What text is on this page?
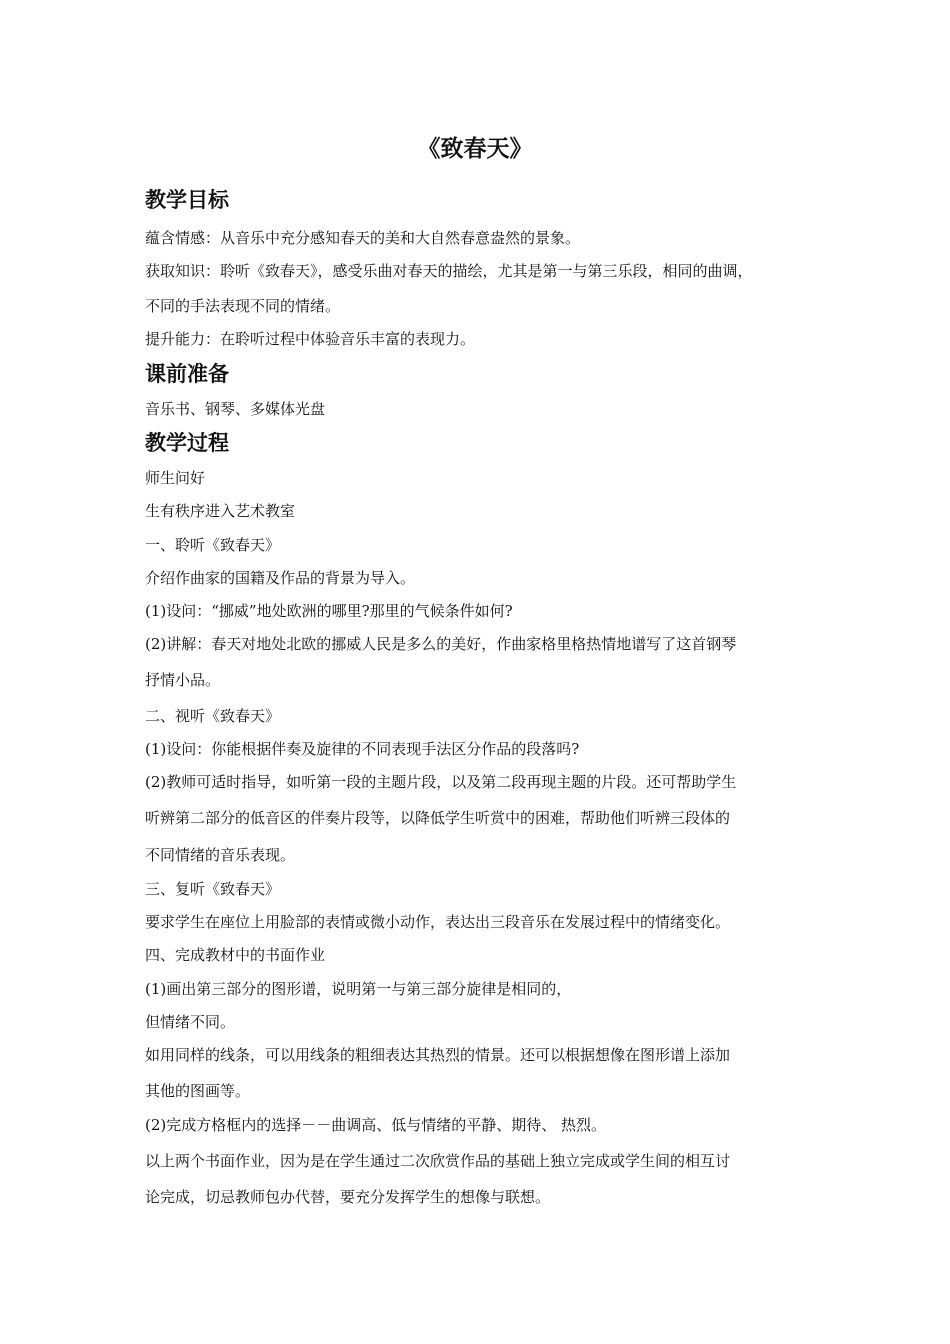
《致春天》
教学目标

蕴含情感：从音乐中充分感知春天的美和大自然春意盎然的景象。

获取知识：聆听《致春天》，感受乐曲对春天的描绘，尤其是第一与第三乐段，相同的曲调，

不同的手法表现不同的情绪。

提升能力：在聆听过程中体验音乐丰富的表现力。

课前准备

音乐书、钢琴、多媒体光盘

教学过程

师生问好

生有秩序进入艺术教室

一、聆听《致春天》

介绍作曲家的国籍及作品的背景为导入。

(1)设问：“挪威”地处欧洲的哪里?那里的气候条件如何?

(2)讲解：春天对地处北欧的挪威人民是多么的美好，作曲家格里格热情地谱写了这首钢琴

抒情小品。

二、视听《致春天》

(1)设问：你能根据伴奏及旋律的不同表现手法区分作品的段落吗?

(2)教师可适时指导，如听第一段的主题片段，以及第二段再现主题的片段。还可帮助学生

听辨第二部分的低音区的伴奏片段等，以降低学生听赏中的困难，帮助他们听辨三段体的

不同情绪的音乐表现。

三、复听《致春天》

要求学生在座位上用脸部的表情或微小动作，表达出三段音乐在发展过程中的情绪变化。

四、完成教材中的书面作业

(1)画出第三部分的图形谱，说明第一与第三部分旋律是相同的，

但情绪不同。

如用同样的线条，可以用线条的粗细表达其热烈的情景。还可以根据想像在图形谱上添加

其他的图画等。

(2)完成方格框内的选择－－曲调高、低与情绪的平静、期待、 热烈。

以上两个书面作业，因为是在学生通过二次欣赏作品的基础上独立完成或学生间的相互讨

论完成，切忌教师包办代替，要充分发挥学生的想像与联想。
